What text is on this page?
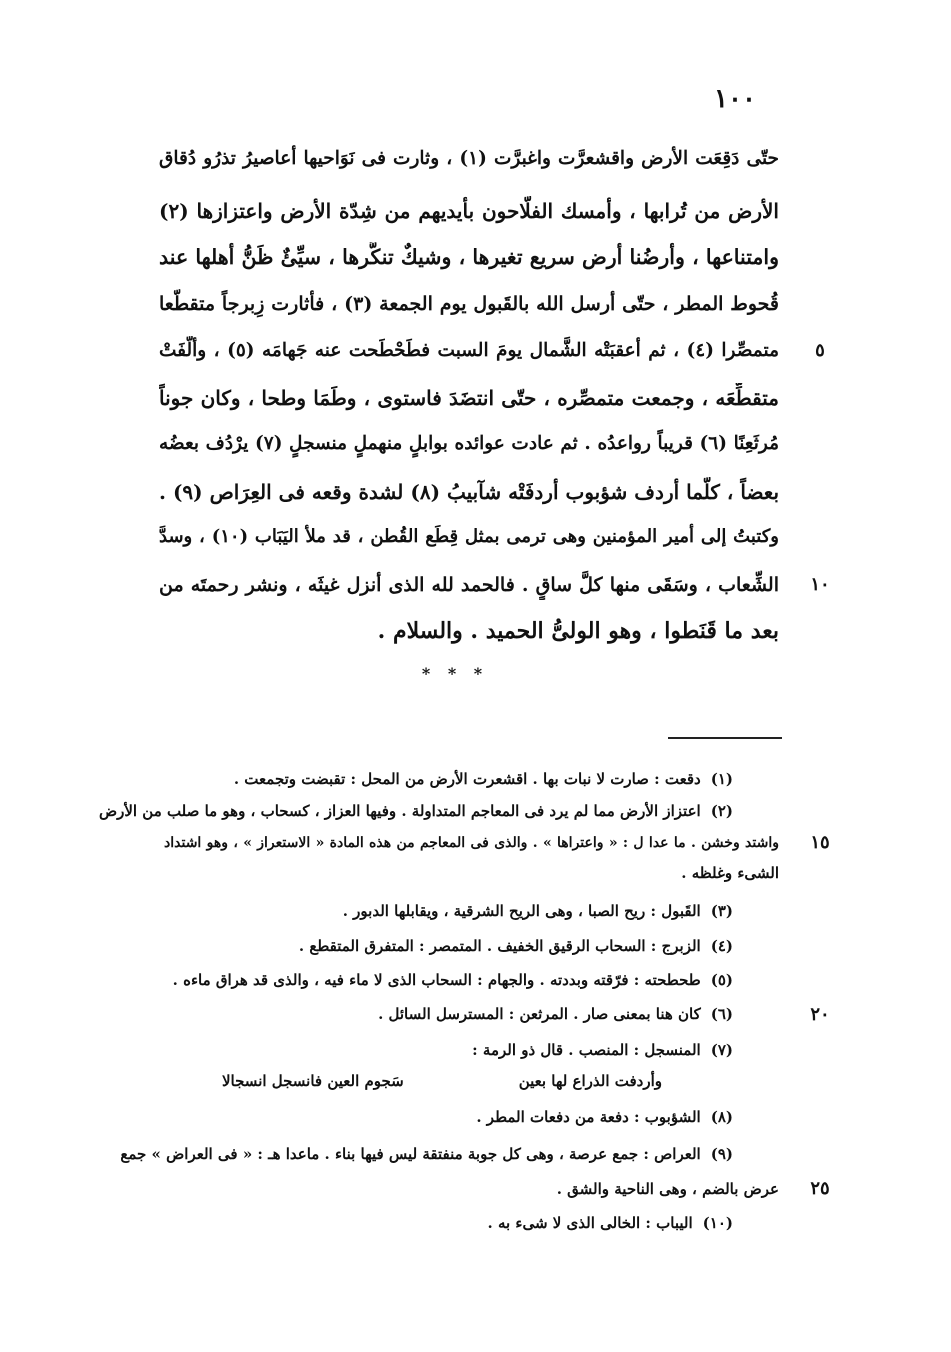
١٠٠
حتّى دَقِعَت الأرض واقشعرَّت واغبرَّت (١) ، وثارت فى نَوَاحيها أعاصيرُ تذرُو دُقاق
الأرض من تُرابها ، وأمسك الفلّاحون بأيديهم من شِدّة الأرض واعتزازها (٢)
وامتناعها ، وأرضُنا أرض سريع تغيرها ، وشيكٌ تنكُّرها ، سيِّئٌ ظَنُّ أهلها عند
قُحوط المطر ، حتّى أرسل الله بالقَبول يوم الجمعة (٣) ، فأثارت زِبرجاً متقطّعا
متمصِّرا (٤) ، ثم أعقبَتْه الشَّمال يومَ السبت فطَحْطَحت عنه جَهامَه (٥) ، وألَّفَتْ
متقطِّعَه ، وجمعت متمصِّره ، حتّى انتضَدَ فاستوى ، وطَمَا وطحا ، وكان جوناً
مُرثَعِنًا (٦) قريباً رواعدُه . ثم عادت عوائده بوابلٍ منهملٍ منسجلٍ (٧) يرْدُف بعضُه
بعضاً ، كلّما أردف شؤبوب أردفَتْه شآبيبُ (٨) لشدة وقعه فى العِرَاص (٩) .
وكتبتُ إلى أمير المؤمنين وهى ترمى بمثل قِطَع القُطن ، قد ملأ اليَبَاب (١٠) ، وسدَّ
الشِّعاب ، وسَقَى منها كلَّ ساقٍ . فالحمد لله الذى أنزل غيثَه ، ونشر رحمتَه من
بعد ما قَنَطوا ، وهو الولىُّ الحميد . والسلام .
٥
١٠
١٥
٢٠
٢٥
* * *
(١)دقعت : صارت لا نبات بها . اقشعرت الأرض من المحل : تقبضت وتجمعت .
(٢)اعتزاز الأرض مما لم يرد فى المعاجم المتداولة . وفيها العزاز ، كسحاب ، وهو ما صلب من الأرض
واشتد وخشن . ما عدا ل : « واعتراها » . والذى فى المعاجم من هذه المادة « الاستعراز » ، وهو اشتداد
الشىء وغلظه .
(٣)القَبول : ريح الصبا ، وهى الريح الشرقية ، ويقابلها الدبور .
(٤)الزبرج : السحاب الرقيق الخفيف . المتمصر : المتفرق المتقطع .
(٥)طحطحته : فرّقته وبددته . والجهام : السحاب الذى لا ماء فيه ، والذى قد هراق ماءه .
(٦)كان هنا بمعنى صار . المرثعن : المسترسل السائل .
(٧)المنسجل : المنصب . قال ذو الرمة :
وأردفت الذراع لها بعين
سَجوم العين فانسجل انسجالا
(٨)الشؤبوب : دفعة من دفعات المطر .
(٩)العراص : جمع عرصة ، وهى كل جوبة منفتقة ليس فيها بناء . ماعدا هـ : « فى العراض » جمع
عرض بالضم ، وهى الناحية والشق .
(١٠)اليباب : الخالى الذى لا شىء به .
